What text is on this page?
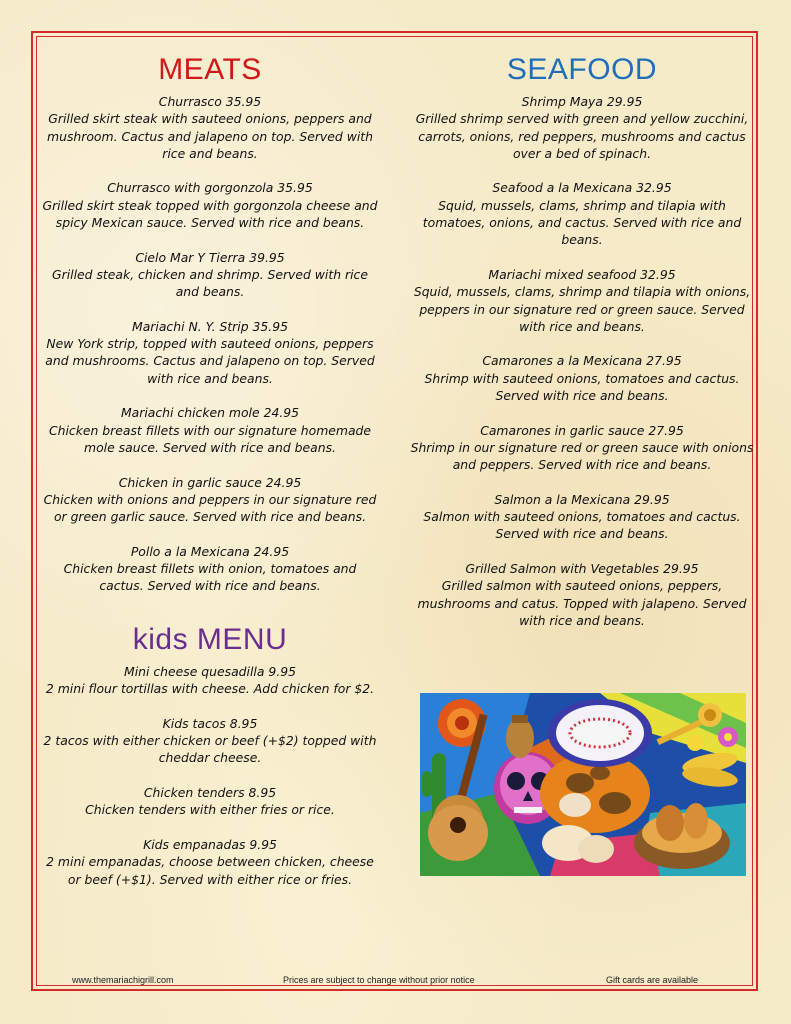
MEATS
Churrasco 35.95
Grilled skirt steak with sauteed onions, peppers and mushroom. Cactus and jalapeno on top. Served with rice and beans.
Churrasco with gorgonzola 35.95
Grilled skirt steak topped with gorgonzola cheese and spicy Mexican sauce. Served with rice and beans.
Cielo Mar Y Tierra 39.95
Grilled steak, chicken and shrimp. Served with rice and beans.
Mariachi N. Y. Strip 35.95
New York strip, topped with sauteed onions, peppers and mushrooms. Cactus and jalapeno on top. Served with rice and beans.
Mariachi chicken mole 24.95
Chicken breast fillets with our signature homemade mole sauce. Served with rice and beans.
Chicken in garlic sauce 24.95
Chicken with onions and peppers in our signature red or green garlic sauce. Served with rice and beans.
Pollo a la Mexicana 24.95
Chicken breast fillets with onion, tomatoes and cactus. Served with rice and beans.
kids MENU
Mini cheese quesadilla 9.95
2 mini flour tortillas with cheese. Add chicken for $2.
Kids tacos 8.95
2 tacos with either chicken or beef (+$2) topped with cheddar cheese.
Chicken tenders 8.95
Chicken tenders with either fries or rice.
Kids empanadas 9.95
2 mini empanadas, choose between chicken, cheese or beef (+$1). Served with either rice or fries.
SEAFOOD
Shrimp Maya 29.95
Grilled shrimp served with green and yellow zucchini, carrots, onions, red peppers, mushrooms and cactus over a bed of spinach.
Seafood a la Mexicana 32.95
Squid, mussels, clams, shrimp and tilapia with tomatoes, onions, and cactus. Served with rice and beans.
Mariachi mixed seafood 32.95
Squid, mussels, clams, shrimp and tilapia with onions, peppers in our signature red or green sauce. Served with rice and beans.
Camarones a la Mexicana 27.95
Shrimp with sauteed onions, tomatoes and cactus. Served with rice and beans.
Camarones in garlic sauce 27.95
Shrimp in our signature red or green sauce with onions and peppers. Served with rice and beans.
Salmon a la Mexicana 29.95
Salmon with sauteed onions, tomatoes and cactus. Served with rice and beans.
Grilled Salmon with Vegetables 29.95
Grilled salmon with sauteed onions, peppers, mushrooms and catus. Topped with jalapeno. Served with rice and beans.
www.themariachigrill.com	Prices are subject to change without prior notice	Gift cards are available
